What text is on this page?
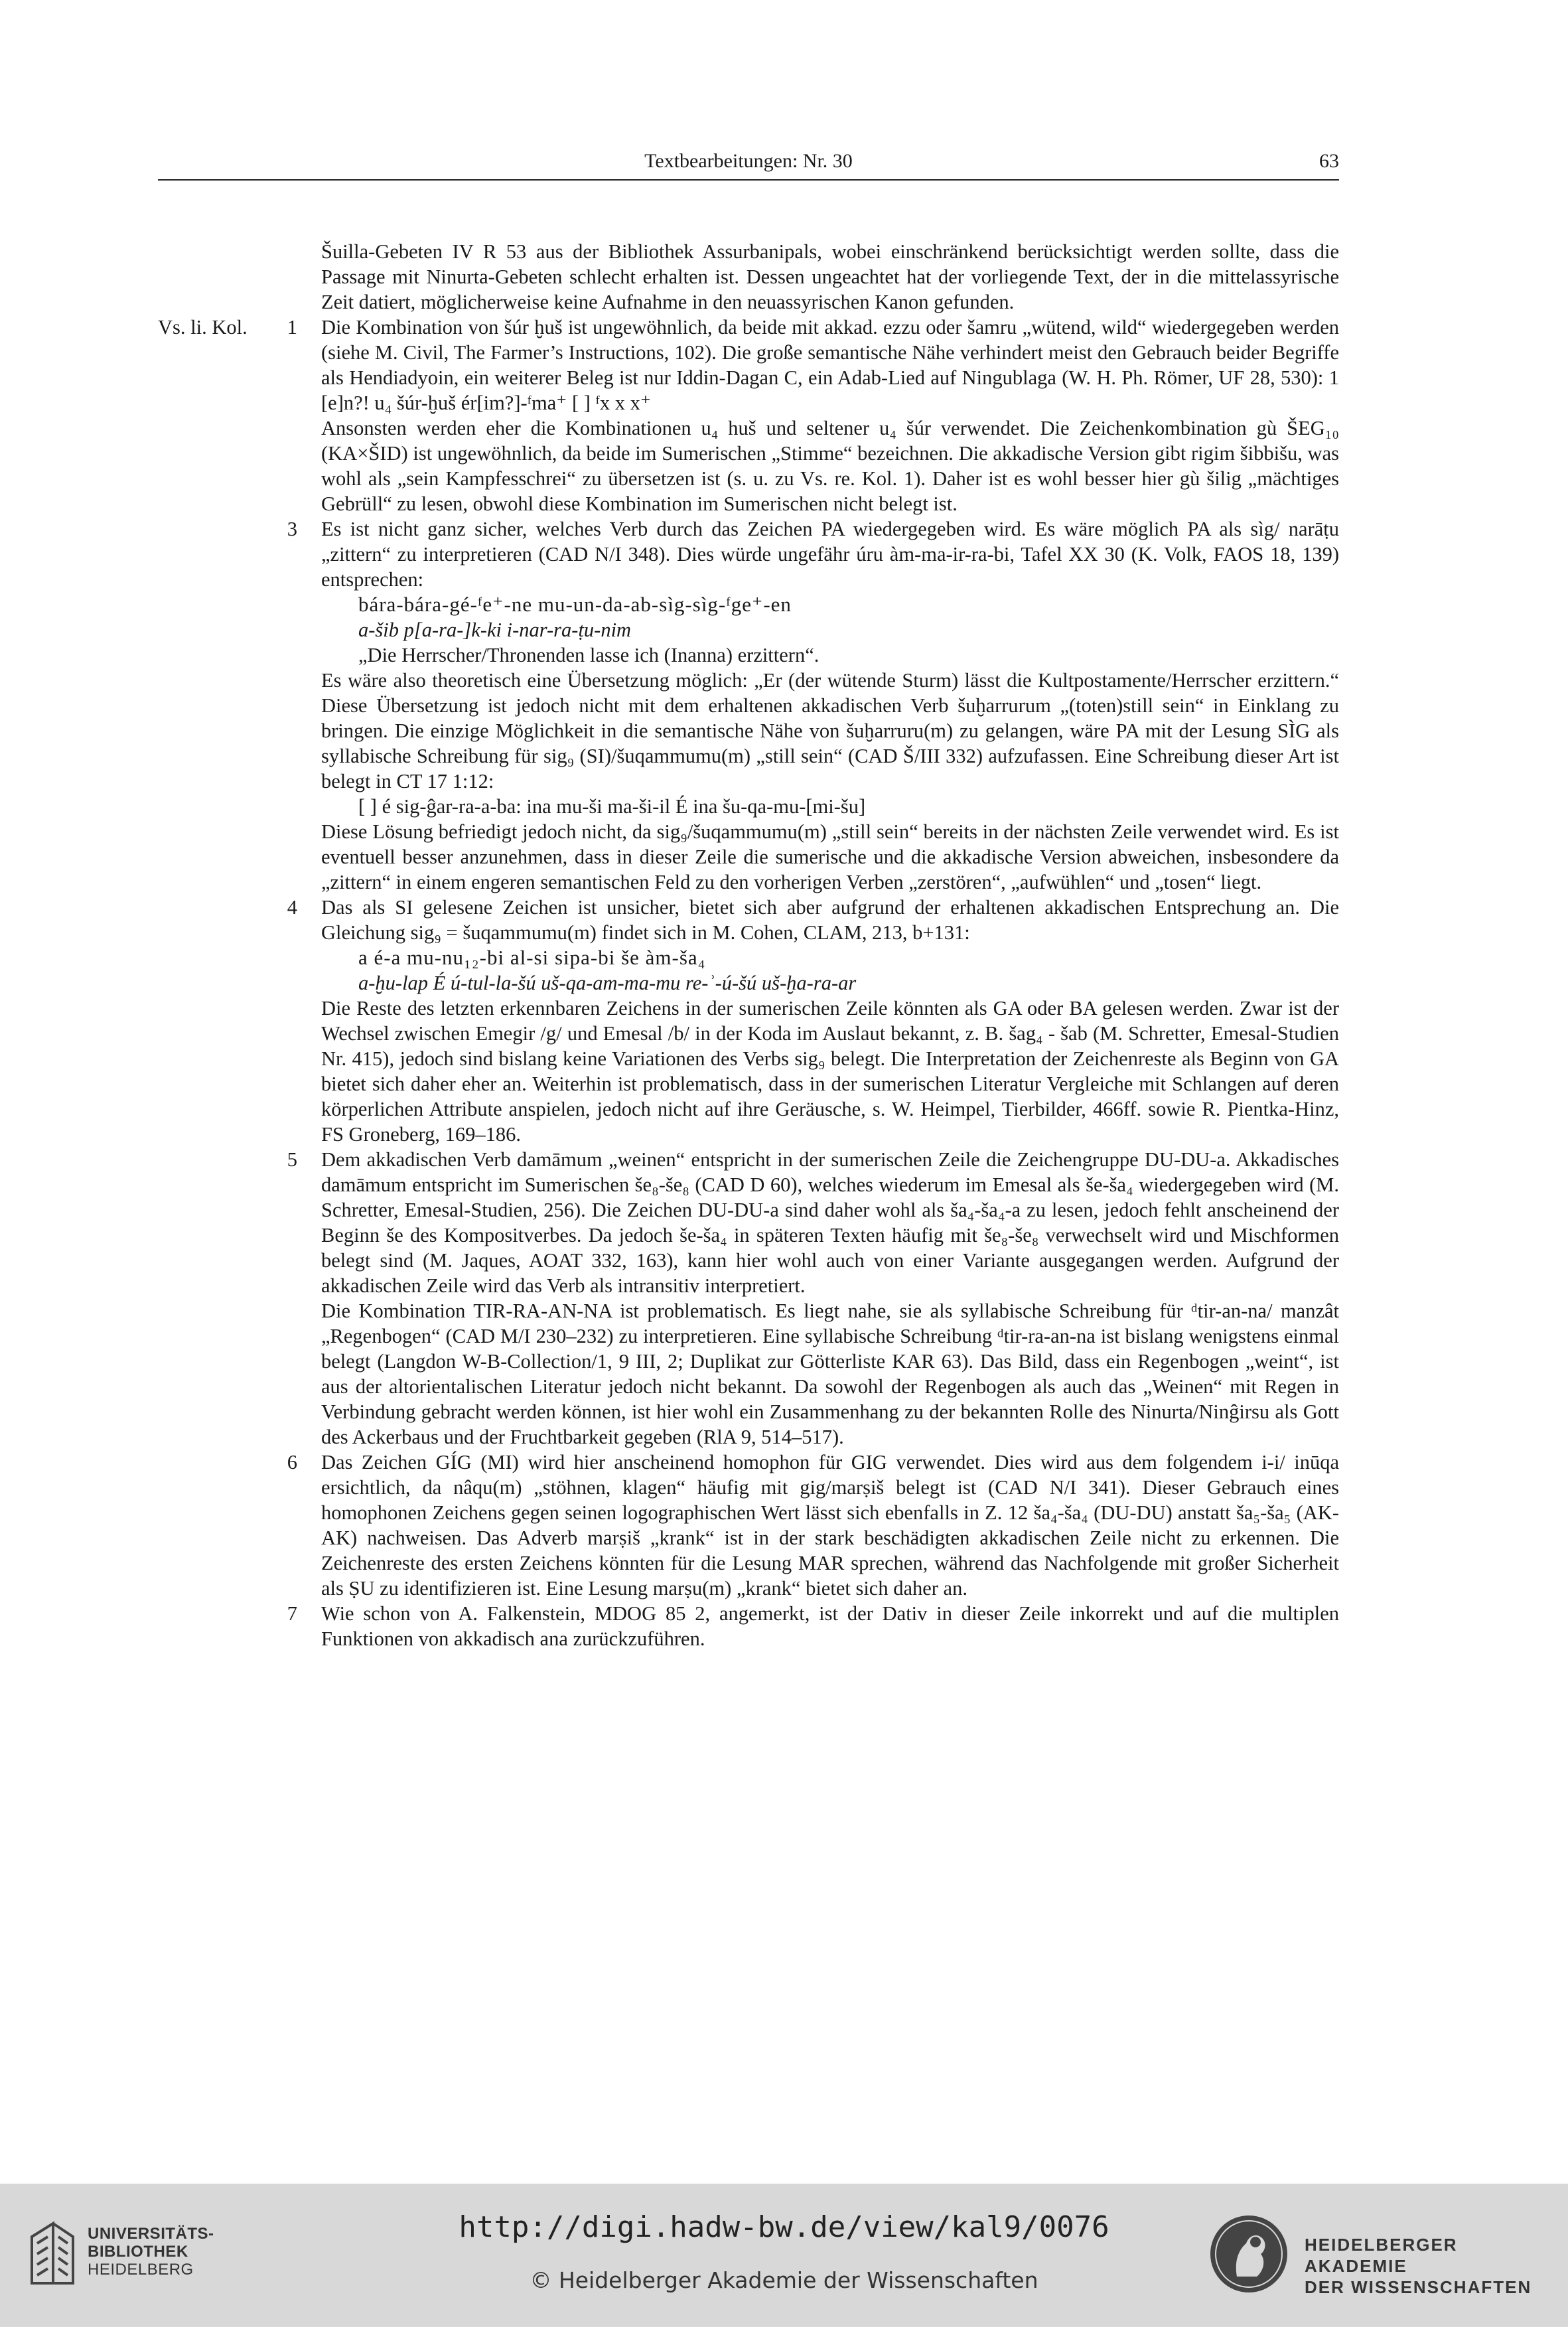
Textbearbeitungen: Nr. 30	63
Šuilla-Gebeten IV R 53 aus der Bibliothek Assurbanipals, wobei einschränkend berücksichtigt werden sollte, dass die Passage mit Ninurta-Gebeten schlecht erhalten ist. Dessen ungeachtet hat der vorliegende Text, der in die mittelassyrische Zeit datiert, möglicherweise keine Aufnahme in den neuassyrischen Kanon gefunden.
Vs. li. Kol. 1 Die Kombination von šúr ḫuš ist ungewöhnlich, da beide mit akkad. ezzu oder šamru „wütend, wild“ wiedergegeben werden (siehe M. Civil, The Farmer’s Instructions, 102). Die große semantische Nähe verhindert meist den Gebrauch beider Begriffe als Hendiadyoin, ein weiterer Beleg ist nur Iddin-Dagan C, ein Adab-Lied auf Ningublaga (W. H. Ph. Römer, UF 28, 530): 1 [e]n?! u₄ šúr-ḫuš ér[im?]-ᶠma⁺ [ ] ᶠx x x⁺
Ansonsten werden eher die Kombinationen u₄ huš und seltener u₄ šúr verwendet. Die Zeichenkombination gù ŠEG₁₀ (KA×ŠID) ist ungewöhnlich, da beide im Sumerischen „Stimme“ bezeichnen. Die akkadische Version gibt rigim šibbišu, was wohl als „sein Kampfesschrei“ zu übersetzen ist (s. u. zu Vs. re. Kol. 1). Daher ist es wohl besser hier gù šilig „mächtiges Gebrüll“ zu lesen, obwohl diese Kombination im Sumerischen nicht belegt ist.
3 Es ist nicht ganz sicher, welches Verb durch das Zeichen PA wiedergegeben wird. Es wäre möglich PA als sìg/ narāṭu „zittern“ zu interpretieren (CAD N/I 348). Dies würde ungefähr úru àm-ma-ir-ra-bi, Tafel XX 30 (K. Volk, FAOS 18, 139) entsprechen:
bára-bára-gé-ᶠe⁺-ne mu-un-da-ab-sìg-sìg-ᶠge⁺-en
a-šib p[a-ra-]k-ki i-nar-ra-ṭu-nim
„Die Herrscher/Thronenden lasse ich (Inanna) erzittern“.
Es wäre also theoretisch eine Übersetzung möglich: „Er (der wütende Sturm) lässt die Kultpostamente/Herrscher erzittern.“ Diese Übersetzung ist jedoch nicht mit dem erhaltenen akkadischen Verb šuḫarrurum „(toten)still sein“ in Einklang zu bringen. Die einzige Möglichkeit in die semantische Nähe von šuḫarruru(m) zu gelangen, wäre PA mit der Lesung SÌG als syllabische Schreibung für sig₉ (SI)/šuqammumu(m) „still sein“ (CAD Š/III 332) aufzufassen. Eine Schreibung dieser Art ist belegt in CT 17 1:12:
[ ] é sig-ĝar-ra-a-ba: ina mu-ši ma-ši-il É ina šu-qa-mu-[mi-šu]
Diese Lösung befriedigt jedoch nicht, da sig₉/šuqammumu(m) „still sein“ bereits in der nächsten Zeile verwendet wird. Es ist eventuell besser anzunehmen, dass in dieser Zeile die sumerische und die akkadische Version abweichen, insbesondere da „zittern“ in einem engeren semantischen Feld zu den vorherigen Verben „zerstören“, „aufwühlen“ und „tosen“ liegt.
4 Das als SI gelesene Zeichen ist unsicher, bietet sich aber aufgrund der erhaltenen akkadischen Entsprechung an. Die Gleichung sig₉ = šuqammumu(m) findet sich in M. Cohen, CLAM, 213, b+131:
a é-a mu-nu₁₂-bi al-si sipa-bi še àm-ša₄
a-ḫu-lap É ú-tul-la-šú uš-qa-am-ma-mu re-ʾ-ú-šú uš-ḫa-ra-ar
Die Reste des letzten erkennbaren Zeichens in der sumerischen Zeile könnten als GA oder BA gelesen werden. Zwar ist der Wechsel zwischen Emegir /g/ und Emesal /b/ in der Koda im Auslaut bekannt, z. B. šag₄ - šab (M. Schretter, Emesal-Studien Nr. 415), jedoch sind bislang keine Variationen des Verbs sig₉ belegt. Die Interpretation der Zeichenreste als Beginn von GA bietet sich daher eher an. Weiterhin ist problematisch, dass in der sumerischen Literatur Vergleiche mit Schlangen auf deren körperlichen Attribute anspielen, jedoch nicht auf ihre Geräusche, s. W. Heimpel, Tierbilder, 466ff. sowie R. Pientka-Hinz, FS Groneberg, 169–186.
5 Dem akkadischen Verb damāmum „weinen“ entspricht in der sumerischen Zeile die Zeichengruppe DU-DU-a. Akkadisches damāmum entspricht im Sumerischen še₈-še₈ (CAD D 60), welches wiederum im Emesal als še-ša₄ wiedergegeben wird (M. Schretter, Emesal-Studien, 256). Die Zeichen DU-DU-a sind daher wohl als ša₄-ša₄-a zu lesen, jedoch fehlt anscheinend der Beginn še des Kompositverbes. Da jedoch še-ša₄ in späteren Texten häufig mit še₈-še₈ verwechselt wird und Mischformen belegt sind (M. Jaques, AOAT 332, 163), kann hier wohl auch von einer Variante ausgegangen werden. Aufgrund der akkadischen Zeile wird das Verb als intransitiv interpretiert.
Die Kombination TIR-RA-AN-NA ist problematisch. Es liegt nahe, sie als syllabische Schreibung für ᵈtir-an-na/ manzât „Regenbogen“ (CAD M/I 230–232) zu interpretieren. Eine syllabische Schreibung ᵈtir-ra-an-na ist bislang wenigstens einmal belegt (Langdon W-B-Collection/1, 9 III, 2; Duplikat zur Götterliste KAR 63). Das Bild, dass ein Regenbogen „weint“, ist aus der altorientalischen Literatur jedoch nicht bekannt. Da sowohl der Regenbogen als auch das „Weinen“ mit Regen in Verbindung gebracht werden können, ist hier wohl ein Zusammenhang zu der bekannten Rolle des Ninurta/Ninĝirsu als Gott des Ackerbaus und der Fruchtbarkeit gegeben (RlA 9, 514–517).
6 Das Zeichen GÍG (MI) wird hier anscheinend homophon für GIG verwendet. Dies wird aus dem folgendem i-i/ inūqa ersichtlich, da nâqu(m) „stöhnen, klagen“ häufig mit gig/marṣiš belegt ist (CAD N/I 341). Dieser Gebrauch eines homophonen Zeichens gegen seinen logographischen Wert lässt sich ebenfalls in Z. 12 ša₄-ša₄ (DU-DU) anstatt ša₅-ša₅ (AK-AK) nachweisen. Das Adverb marṣiš „krank“ ist in der stark beschädigten akkadischen Zeile nicht zu erkennen. Die Zeichenreste des ersten Zeichens könnten für die Lesung MAR sprechen, während das Nachfolgende mit großer Sicherheit als ṢU zu identifizieren ist. Eine Lesung marṣu(m) „krank“ bietet sich daher an.
7 Wie schon von A. Falkenstein, MDOG 85 2, angemerkt, ist der Dativ in dieser Zeile inkorrekt und auf die multiplen Funktionen von akkadisch ana zurückzuführen.
UNIVERSITÄTS-
BIBLIOTHEK
HEIDELBERG
http://digi.hadw-bw.de/view/kal9/0076
© Heidelberger Akademie der Wissenschaften
HEIDELBERGER AKADEMIE
DER WISSENSCHAFTEN
